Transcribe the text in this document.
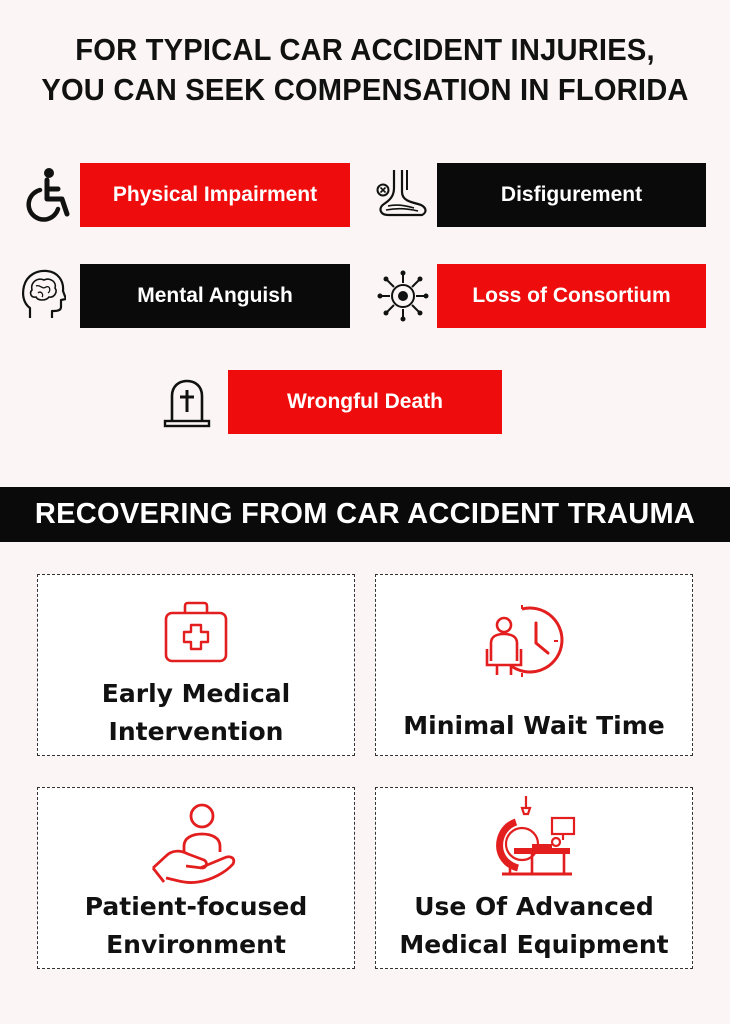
FOR TYPICAL CAR ACCIDENT INJURIES,
YOU CAN SEEK COMPENSATION IN FLORIDA
Physical Impairment	Disfigurement
Mental Anguish	Loss of Consortium
Wrongful Death
RECOVERING FROM CAR ACCIDENT TRAUMA
Early Medical
Intervention	Minimal Wait Time
Patient-focused
Environment
Use Of Advanced
Medical Equipment
